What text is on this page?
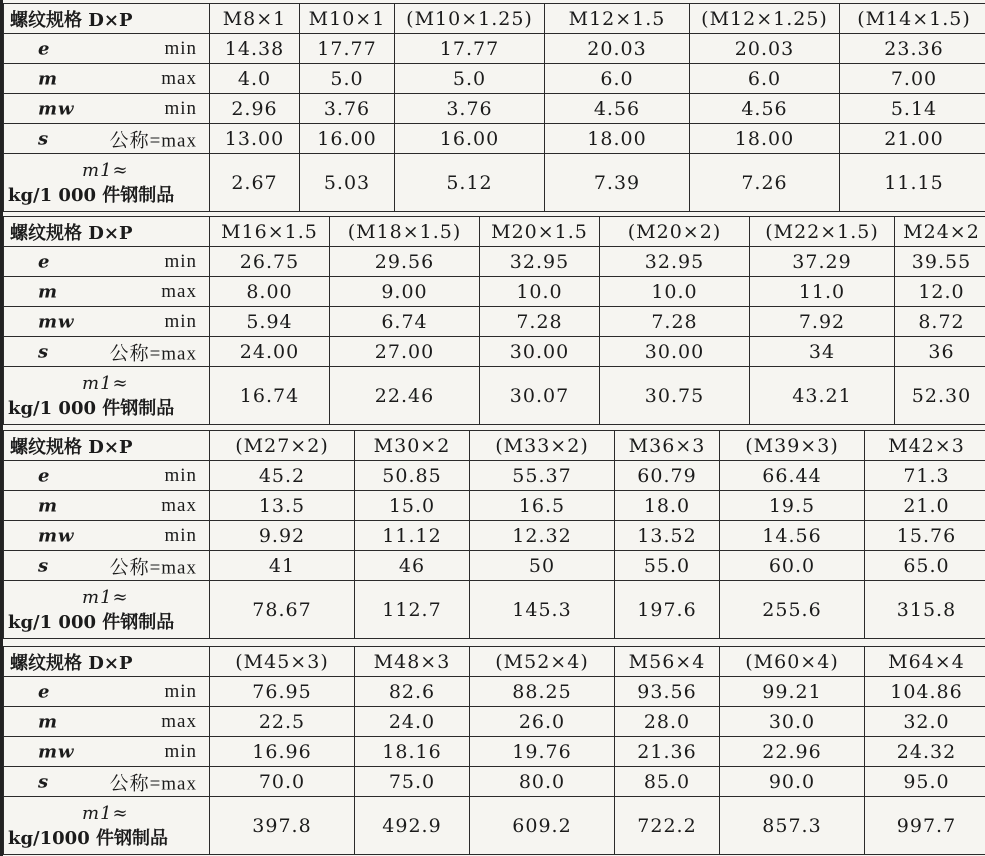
螺纹规格 D×P	M8×1	M10×1	(M10×1.25)	M12×1.5	(M12×1.25)	(M14×1.5)

e min	14.38	17.77	17.77	20.03	20.03	23.36

m max	4.0	5.0	5.0	6.0	6.0	7.00

mw min	2.96	3.76	3.76	4.56	4.56	5.14

s 公称=max	13.00	16.00	16.00	18.00	18.00	21.00

m1≈
kg/1 000 件钢制品	2.67	5.03	5.12	7.39	7.26	11.15
螺纹规格 D×P	M16×1.5	(M18×1.5)	M20×1.5	(M20×2)	(M22×1.5)	M24×2

e min	26.75	29.56	32.95	32.95	37.29	39.55

m max	8.00	9.00	10.0	10.0	11.0	12.0

mw min	5.94	6.74	7.28	7.28	7.92	8.72

s 公称=max	24.00	27.00	30.00	30.00	34	36

m1≈
kg/1 000 件钢制品	16.74	22.46	30.07	30.75	43.21	52.30
螺纹规格 D×P	(M27×2)	M30×2	(M33×2)	M36×3	(M39×3)	M42×3

e min	45.2	50.85	55.37	60.79	66.44	71.3

m max	13.5	15.0	16.5	18.0	19.5	21.0

mw min	9.92	11.12	12.32	13.52	14.56	15.76

s 公称=max	41	46	50	55.0	60.0	65.0

m1≈
kg/1 000 件钢制品	78.67	112.7	145.3	197.6	255.6	315.8
螺纹规格 D×P	(M45×3)	M48×3	(M52×4)	M56×4	(M60×4)	M64×4

e min	76.95	82.6	88.25	93.56	99.21	104.86

m max	22.5	24.0	26.0	28.0	30.0	32.0

mw min	16.96	18.16	19.76	21.36	22.96	24.32

s 公称=max	70.0	75.0	80.0	85.0	90.0	95.0

m1≈
kg/1000 件钢制品	397.8	492.9	609.2	722.2	857.3	997.7
